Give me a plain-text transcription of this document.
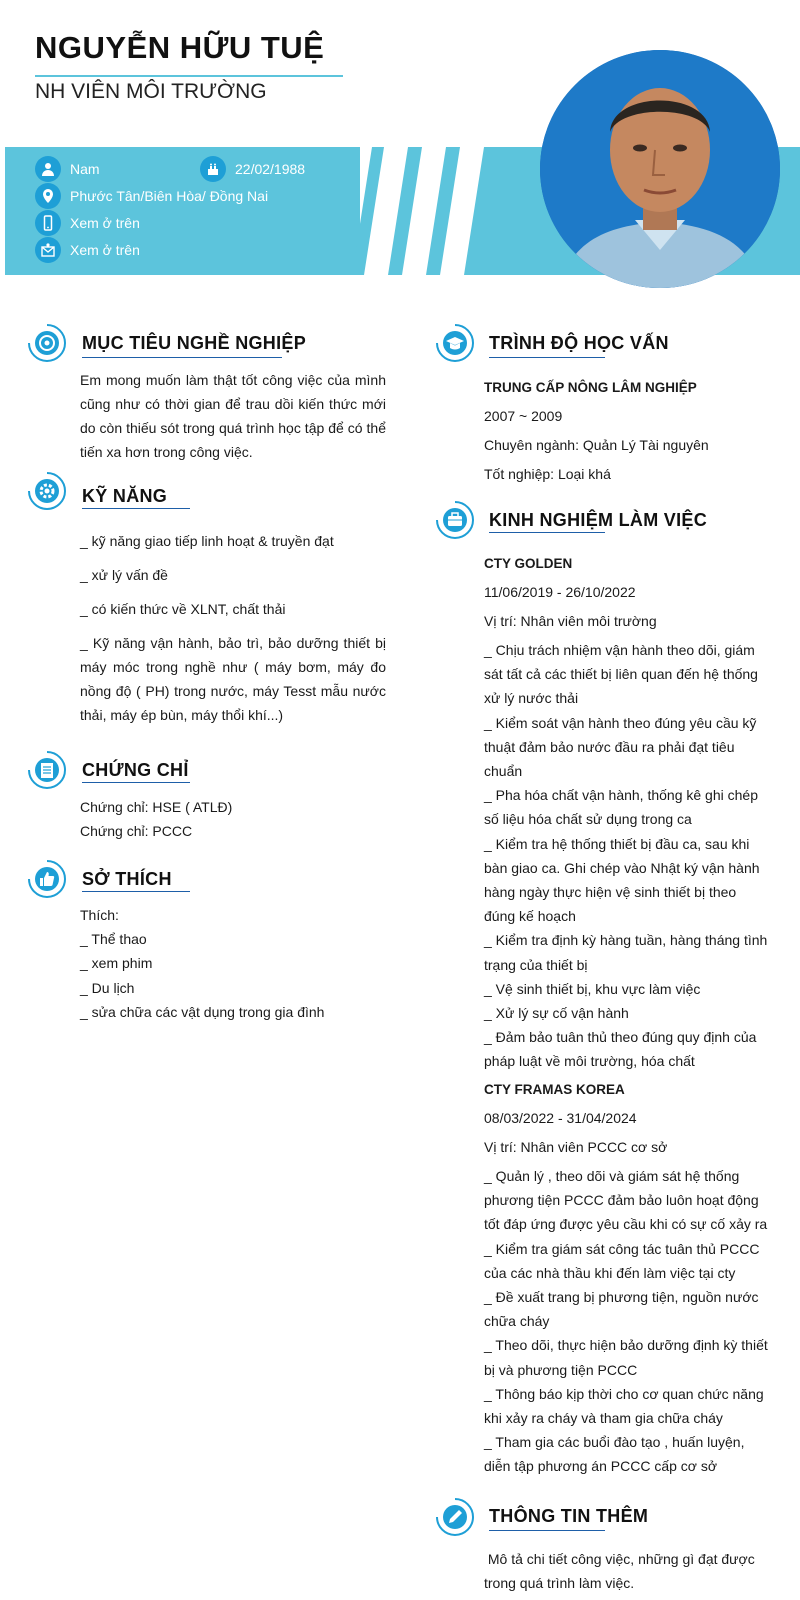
NGUYỄN HỮU TUỆ
NH VIÊN MÔI TRƯỜNG
Nam	22/02/1988
Phước Tân/Biên Hòa/ Đồng Nai
Xem ở trên
Xem ở trên
MỤC TIÊU NGHỀ NGHIỆP
Em mong muốn làm thật tốt công việc của mình cũng như có thời gian để trau dồi kiến thức mới do còn thiếu sót trong quá trình học tập để có thể tiến xa hơn trong công việc.
KỸ NĂNG
_ kỹ năng giao tiếp linh hoạt & truyền đạt
_ xử lý vấn đề
_ có kiến thức về XLNT, chất thải
_ Kỹ năng vận hành, bảo trì, bảo dưỡng thiết bị máy móc trong nghề như ( máy bơm, máy đo nồng độ ( PH) trong nước, máy Tesst mẫu nước thải, máy ép bùn, máy thổi khí...)
CHỨNG CHỈ
Chứng chỉ: HSE ( ATLĐ)
Chứng chỉ: PCCC
SỞ THÍCH
Thích:
_ Thể thao
_ xem phim
_ Du lịch
_ sửa chữa các vật dụng trong gia đình
TRÌNH ĐỘ HỌC VẤN
TRUNG CẤP NÔNG LÂM NGHIỆP
2007 ~ 2009
Chuyên ngành: Quản Lý Tài nguyên
Tốt nghiệp: Loại khá
KINH NGHIỆM LÀM VIỆC
CTY GOLDEN
11/06/2019 - 26/10/2022
Vị trí: Nhân viên môi trường
_ Chịu trách nhiệm vận hành theo dõi, giám
sát tất cả các thiết bị liên quan đến hệ thống
xử lý nước thải
_ Kiểm soát vận hành theo đúng yêu cầu kỹ
thuật đảm bảo nước đầu ra phải đạt tiêu
chuẩn
_ Pha hóa chất vận hành, thống kê ghi chép
số liệu hóa chất sử dụng trong ca
_ Kiểm tra hệ thống thiết bị đầu ca, sau khi
bàn giao ca. Ghi chép vào Nhật ký vận hành
hàng ngày thực hiện vệ sinh thiết bị theo
đúng kế hoạch
_ Kiểm tra định kỳ hàng tuần, hàng tháng tình
trạng của thiết bị
_ Vệ sinh thiết bị, khu vực làm việc
_ Xử lý sự cố vận hành
_ Đảm bảo tuân thủ theo đúng quy định của
pháp luật về môi trường, hóa chất
CTY FRAMAS KOREA
08/03/2022 - 31/04/2024
Vị trí: Nhân viên PCCC cơ sở
_ Quản lý , theo dõi và giám sát hệ thống
phương tiện PCCC đảm bảo luôn hoạt động
tốt đáp ứng được yêu cầu khi có sự cố xảy ra
_ Kiểm tra giám sát công tác tuân thủ PCCC
của các nhà thầu khi đến làm việc tại cty
_ Đề xuất trang bị phương tiện, nguồn nước
chữa cháy
_ Theo dõi, thực hiện bảo dưỡng định kỳ thiết
bị và phương tiện PCCC
_ Thông báo kịp thời cho cơ quan chức năng
khi xảy ra cháy và tham gia chữa cháy
_ Tham gia các buổi đào tạo , huấn luyện,
diễn tập phương án PCCC cấp cơ sở
THÔNG TIN THÊM
Mô tả chi tiết công việc, những gì đạt được
trong quá trình làm việc.
